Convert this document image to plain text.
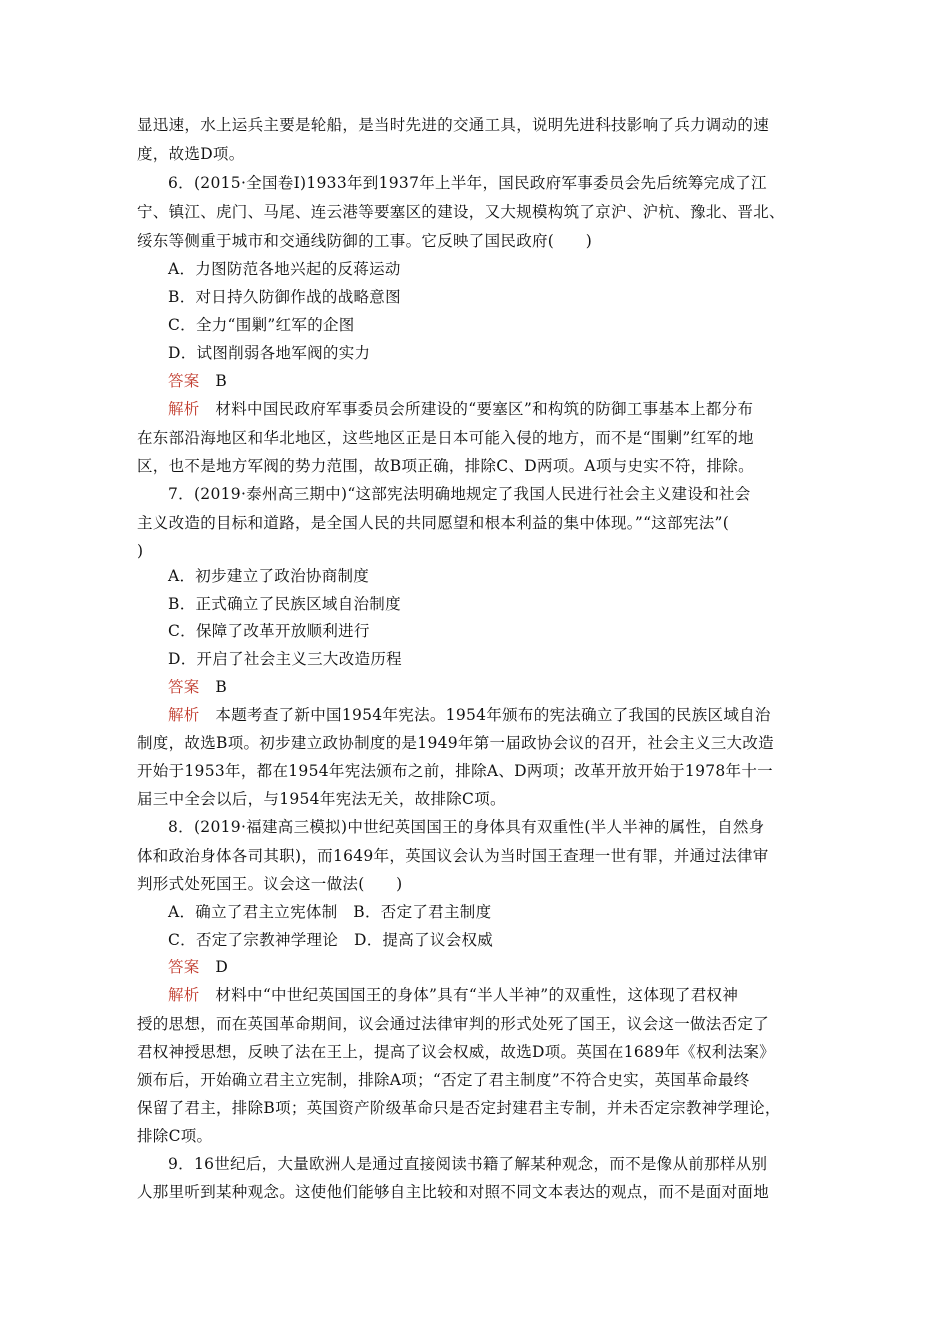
显迅速，水上运兵主要是轮船，是当时先进的交通工具，说明先进科技影响了兵力调动的速
度，故选D项。
6．(2015·全国卷Ⅰ)1933年到1937年上半年，国民政府军事委员会先后统筹完成了江
宁、镇江、虎门、马尾、连云港等要塞区的建设，又大规模构筑了京沪、沪杭、豫北、晋北、
绥东等侧重于城市和交通线防御的工事。它反映了国民政府(　　)
A．力图防范各地兴起的反蒋运动
B．对日持久防御作战的战略意图
C．全力“围剿”红军的企图
D．试图削弱各地军阀的实力
答案　 B
解析　 材料中国民政府军事委员会所建设的“要塞区”和构筑的防御工事基本上都分布
在东部沿海地区和华北地区，这些地区正是日本可能入侵的地方，而不是“围剿”红军的地
区，也不是地方军阀的势力范围，故B项正确，排除C、D两项。A项与史实不符，排除。
7．(2019·泰州高三期中)“这部宪法明确地规定了我国人民进行社会主义建设和社会
主义改造的目标和道路，是全国人民的共同愿望和根本利益的集中体现。”“这部宪法”(　　
)
A．初步建立了政治协商制度
B．正式确立了民族区域自治制度
C．保障了改革开放顺利进行
D．开启了社会主义三大改造历程
答案　 B
解析　 本题考查了新中国1954年宪法。1954年颁布的宪法确立了我国的民族区域自治
制度，故选B项。初步建立政协制度的是1949年第一届政协会议的召开，社会主义三大改造
开始于1953年，都在1954年宪法颁布之前，排除A、D两项；改革开放开始于1978年十一
届三中全会以后，与1954年宪法无关，故排除C项。
8．(2019·福建高三模拟)中世纪英国国王的身体具有双重性(半人半神的属性，自然身
体和政治身体各司其职)，而1649年，英国议会认为当时国王查理一世有罪，并通过法律审
判形式处死国王。议会这一做法(　　)
A．确立了君主立宪体制　B．否定了君主制度
C．否定了宗教神学理论　D．提高了议会权威
答案　 D
解析　 材料中“中世纪英国国王的身体”具有“半人半神”的双重性，这体现了君权神
授的思想，而在英国革命期间，议会通过法律审判的形式处死了国王，议会这一做法否定了
君权神授思想，反映了法在王上，提高了议会权威，故选D项。英国在1689年《权利法案》
颁布后，开始确立君主立宪制，排除A项；“否定了君主制度”不符合史实，英国革命最终
保留了君主，排除B项；英国资产阶级革命只是否定封建君主专制，并未否定宗教神学理论，
排除C项。
9．16世纪后，大量欧洲人是通过直接阅读书籍了解某种观念，而不是像从前那样从别
人那里听到某种观念。这使他们能够自主比较和对照不同文本表达的观点，而不是面对面地
